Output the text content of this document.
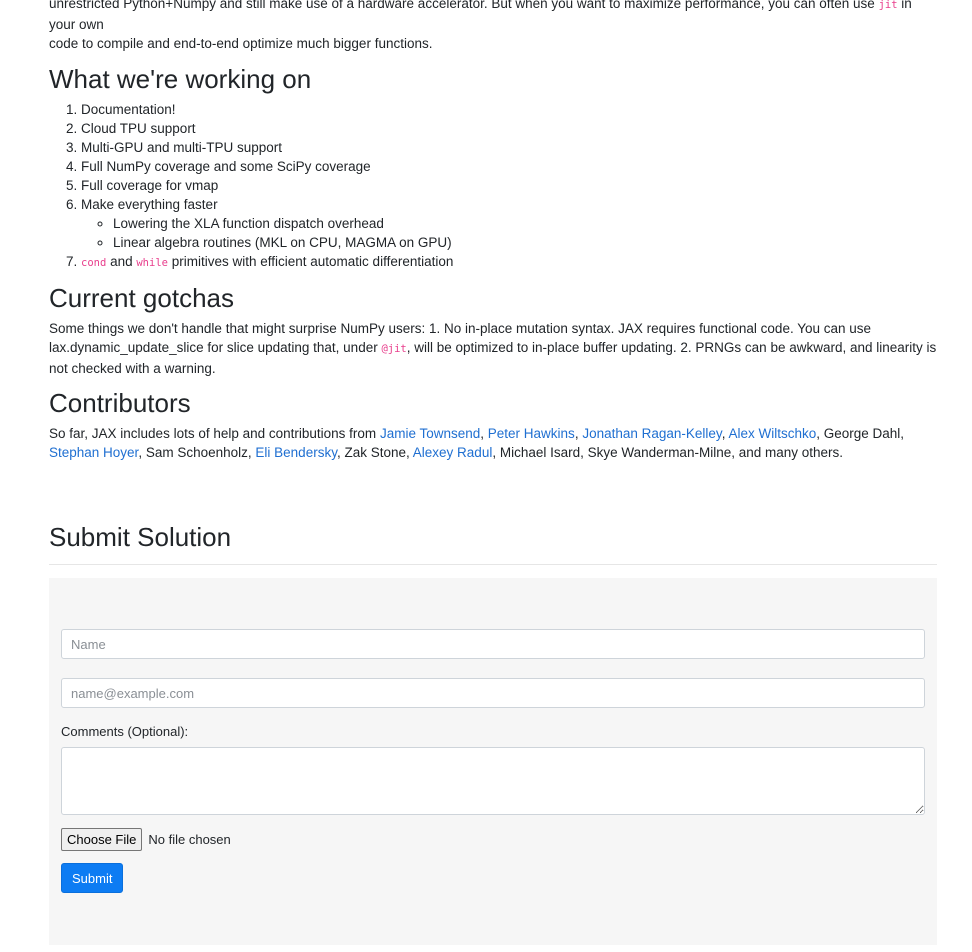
unrestricted Python+Numpy and still make use of a hardware accelerator. But when you want to maximize performance, you can often use jit in your own
code to compile and end-to-end optimize much bigger functions.

What we're working on
1. Documentation!
2. Cloud TPU support
3. Multi-GPU and multi-TPU support
4. Full NumPy coverage and some SciPy coverage
5. Full coverage for vmap
6. Make everything faster
◦ Lowering the XLA function dispatch overhead
◦ Linear algebra routines (MKL on CPU, MAGMA on GPU)
7. cond and while primitives with efficient automatic differentiation
Current gotchas

Some things we don't handle that might surprise NumPy users: 1. No in-place mutation syntax. JAX requires functional code. You can use lax.dynamic_update_slice for slice updating that, under @jit, will be optimized to in-place buffer updating. 2. PRNGs can be awkward, and linearity is not checked with a warning.

Contributors

So far, JAX includes lots of help and contributions from Jamie Townsend, Peter Hawkins, Jonathan Ragan-Kelley, Alex Wiltschko, George Dahl, Stephan Hoyer, Sam Schoenholz, Eli Bendersky, Zak Stone, Alexey Radul, Michael Isard, Skye Wanderman-Milne, and many others.

Submit Solution
Name
name@example.com
Comments (Optional):
Choose File No file chosen
Submit
